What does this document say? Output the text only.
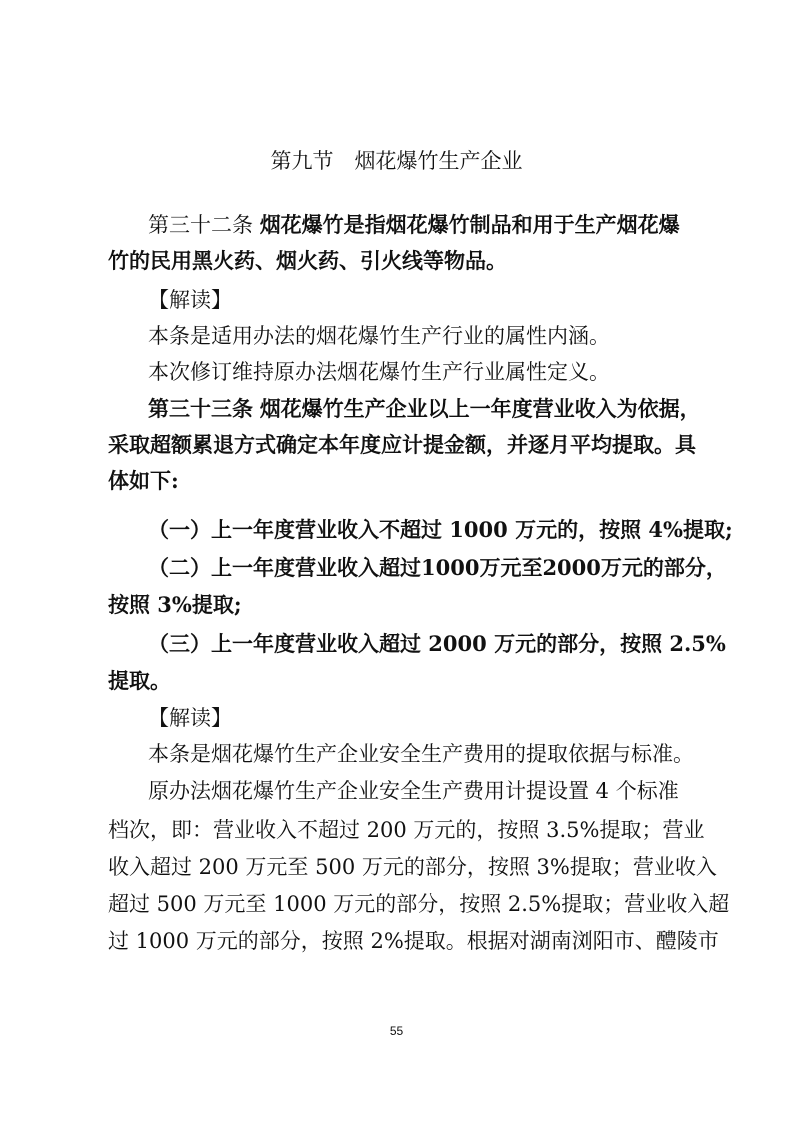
第九节　烟花爆竹生产企业
第三十二条 烟花爆竹是指烟花爆竹制品和用于生产烟花爆
竹的民用黑火药、烟火药、引火线等物品。
【解读】
本条是适用办法的烟花爆竹生产行业的属性内涵。
本次修订维持原办法烟花爆竹生产行业属性定义。
第三十三条 烟花爆竹生产企业以上一年度营业收入为依据，
采取超额累退方式确定本年度应计提金额，并逐月平均提取。具
体如下:
（一）上一年度营业收入不超过 1000 万元的，按照 4%提取;
（二）上一年度营业收入超过1000万元至2000万元的部分，
按照 3%提取;
（三）上一年度营业收入超过 2000 万元的部分，按照 2.5%
提取。
【解读】
本条是烟花爆竹生产企业安全生产费用的提取依据与标准。
原办法烟花爆竹生产企业安全生产费用计提设置 4 个标准
档次，即：营业收入不超过 200 万元的，按照 3.5%提取；营业
收入超过 200 万元至 500 万元的部分，按照 3%提取；营业收入
超过 500 万元至 1000 万元的部分，按照 2.5%提取；营业收入超
过 1000 万元的部分，按照 2%提取。根据对湖南浏阳市、醴陵市
55
